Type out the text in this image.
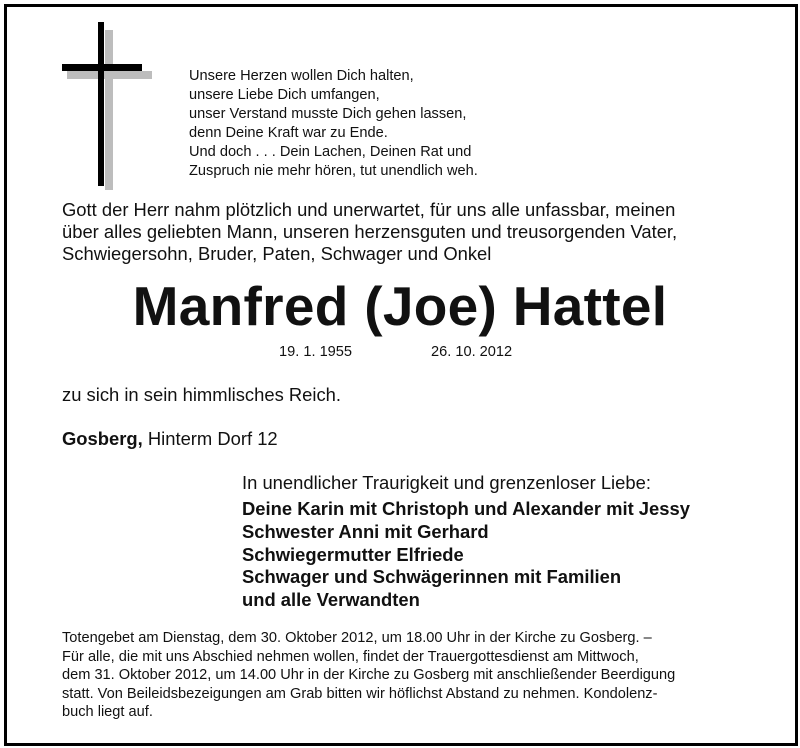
Unsere Herzen wollen Dich halten,
unsere Liebe Dich umfangen,
unser Verstand musste Dich gehen lassen,
denn Deine Kraft war zu Ende.
Und doch . . . Dein Lachen, Deinen Rat und
Zuspruch nie mehr hören, tut unendlich weh.
Gott der Herr nahm plötzlich und unerwartet, für uns alle unfassbar, meinen
über alles geliebten Mann, unseren herzensguten und treusorgenden Vater,
Schwiegersohn, Bruder, Paten, Schwager und Onkel
Manfred (Joe) Hattel
19. 1. 1955	26. 10. 2012
zu sich in sein himmlisches Reich.
Gosberg, Hinterm Dorf 12
In unendlicher Traurigkeit und grenzenloser Liebe:
Deine Karin mit Christoph und Alexander mit Jessy
Schwester Anni mit Gerhard
Schwiegermutter Elfriede
Schwager und Schwägerinnen mit Familien
und alle Verwandten
Totengebet am Dienstag, dem 30. Oktober 2012, um 18.00 Uhr in der Kirche zu Gosberg. –
Für alle, die mit uns Abschied nehmen wollen, findet der Trauergottesdienst am Mittwoch,
dem 31. Oktober 2012, um 14.00 Uhr in der Kirche zu Gosberg mit anschließender Beerdigung
statt. Von Beileidsbezeigungen am Grab bitten wir höflichst Abstand zu nehmen. Kondolenz-
buch liegt auf.
